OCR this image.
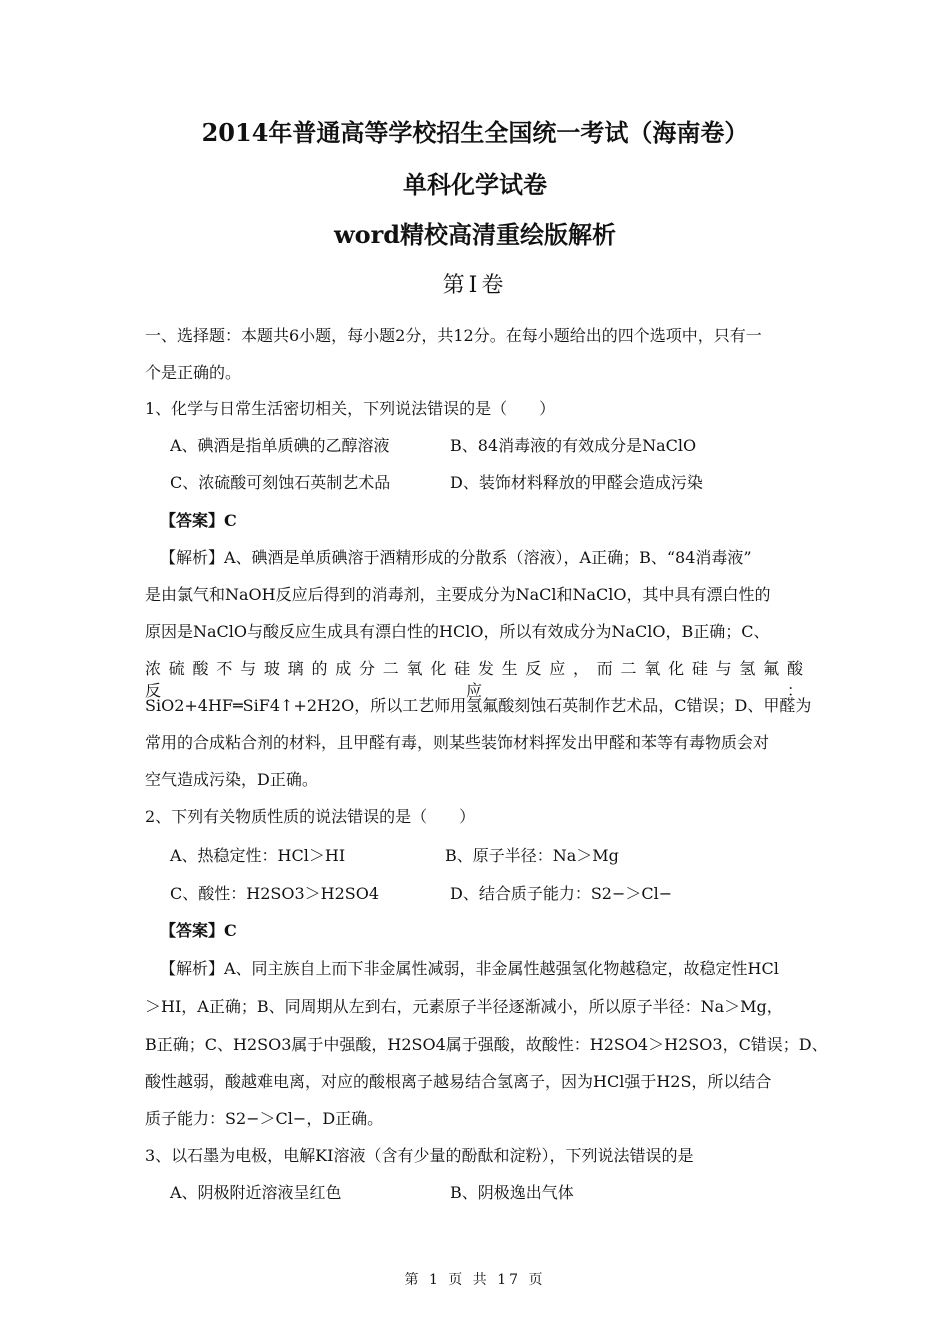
2014年普通高等学校招生全国统一考试（海南卷）
单科化学试卷
word精校高清重绘版解析
第Ⅰ卷
一、选择题：本题共6小题，每小题2分，共12分。在每小题给出的四个选项中，只有一
个是正确的。
1、化学与日常生活密切相关，下列说法错误的是（　　）
A、碘酒是指单质碘的乙醇溶液	B、84消毒液的有效成分是NaClO
C、浓硫酸可刻蚀石英制艺术品	D、装饰材料释放的甲醛会造成污染
【答案】C
【解析】A、碘酒是单质碘溶于酒精形成的分散系（溶液），A正确；B、“84消毒液”
是由氯气和NaOH反应后得到的消毒剂，主要成分为NaCl和NaClO，其中具有漂白性的
原因是NaClO与酸反应生成具有漂白性的HClO，所以有效成分为NaClO，B正确；C、
浓硫酸不与玻璃的成分二氧化硅发生反应，而二氧化硅与氢氟酸反应：
SiO2+4HF═SiF4↑+2H2O，所以工艺师用氢氟酸刻蚀石英制作艺术品，C错误；D、甲醛为
常用的合成粘合剂的材料，且甲醛有毒，则某些装饰材料挥发出甲醛和苯等有毒物质会对
空气造成污染，D正确。
2、下列有关物质性质的说法错误的是（　　）
A、热稳定性：HCl＞HI	B、原子半径：Na＞Mg
C、酸性：H2SO3＞H2SO4	D、结合质子能力：S2−＞Cl−
【答案】C
【解析】A、同主族自上而下非金属性减弱，非金属性越强氢化物越稳定，故稳定性HCl
＞HI，A正确；B、同周期从左到右，元素原子半径逐渐减小，所以原子半径：Na＞Mg，
B正确；C、H2SO3属于中强酸，H2SO4属于强酸，故酸性：H2SO4＞H2SO3，C错误；D、
酸性越弱，酸越难电离，对应的酸根离子越易结合氢离子，因为HCl强于H2S，所以结合
质子能力：S2−＞Cl−，D正确。
3、以石墨为电极，电解KI溶液（含有少量的酚酞和淀粉），下列说法错误的是
A、阴极附近溶液呈红色	B、阴极逸出气体
第 1 页 共 17 页
